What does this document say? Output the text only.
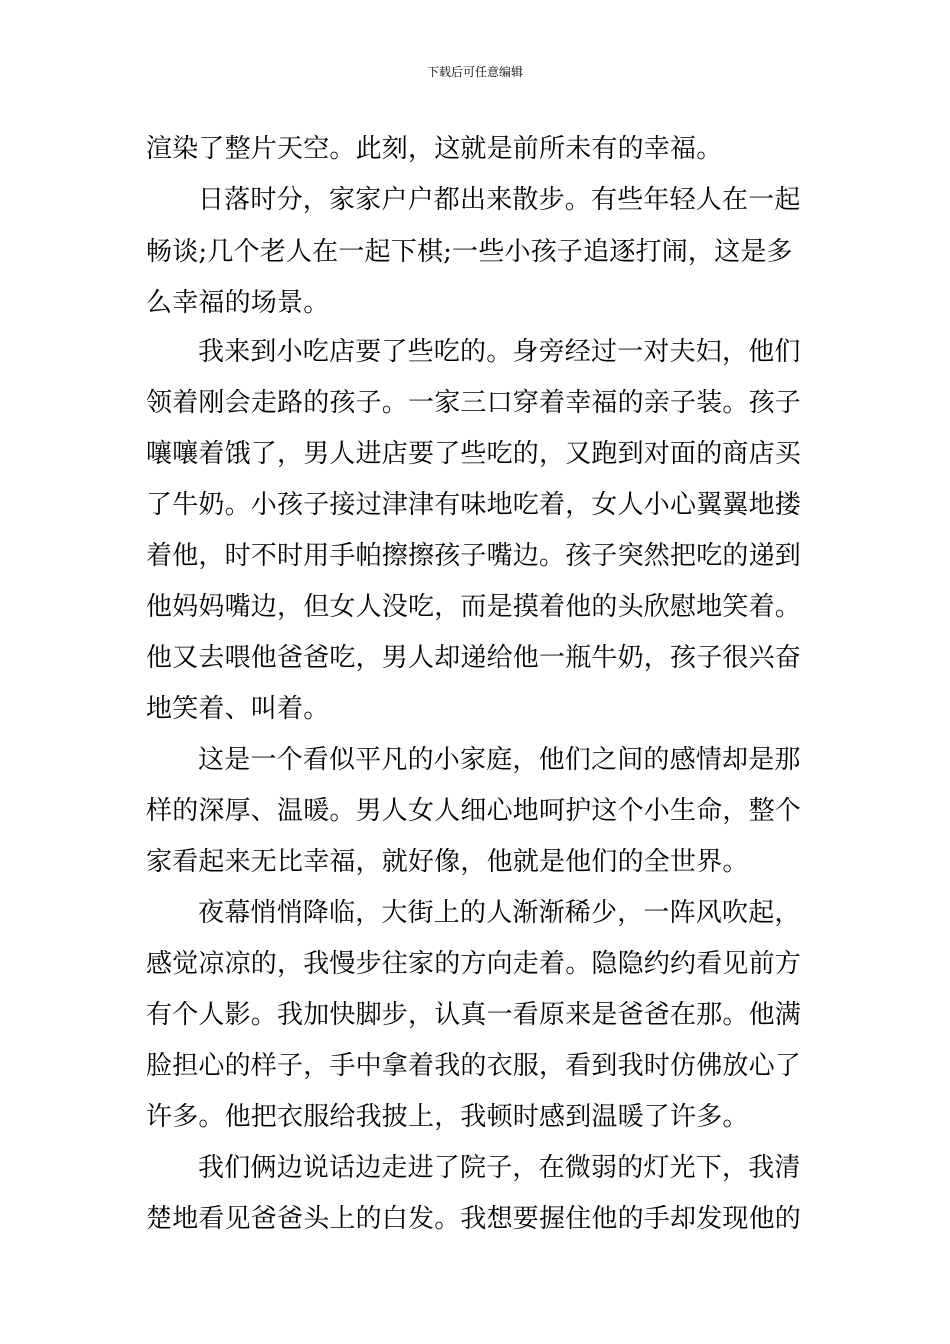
下载后可任意编辑
渲染了整片天空。此刻，这就是前所未有的幸福。
日落时分，家家户户都出来散步。有些年轻人在一起
畅谈;几个老人在一起下棋;一些小孩子追逐打闹，这是多
么幸福的场景。
我来到小吃店要了些吃的。身旁经过一对夫妇，他们
领着刚会走路的孩子。一家三口穿着幸福的亲子装。孩子
嚷嚷着饿了，男人进店要了些吃的，又跑到对面的商店买
了牛奶。小孩子接过津津有味地吃着，女人小心翼翼地搂
着他，时不时用手帕擦擦孩子嘴边。孩子突然把吃的递到
他妈妈嘴边，但女人没吃，而是摸着他的头欣慰地笑着。
他又去喂他爸爸吃，男人却递给他一瓶牛奶，孩子很兴奋
地笑着、叫着。
这是一个看似平凡的小家庭，他们之间的感情却是那
样的深厚、温暖。男人女人细心地呵护这个小生命，整个
家看起来无比幸福，就好像，他就是他们的全世界。
夜幕悄悄降临，大街上的人渐渐稀少，一阵风吹起，
感觉凉凉的，我慢步往家的方向走着。隐隐约约看见前方
有个人影。我加快脚步，认真一看原来是爸爸在那。他满
脸担心的样子，手中拿着我的衣服，看到我时仿佛放心了
许多。他把衣服给我披上，我顿时感到温暖了许多。
我们俩边说话边走进了院子，在微弱的灯光下，我清
楚地看见爸爸头上的白发。我想要握住他的手却发现他的
